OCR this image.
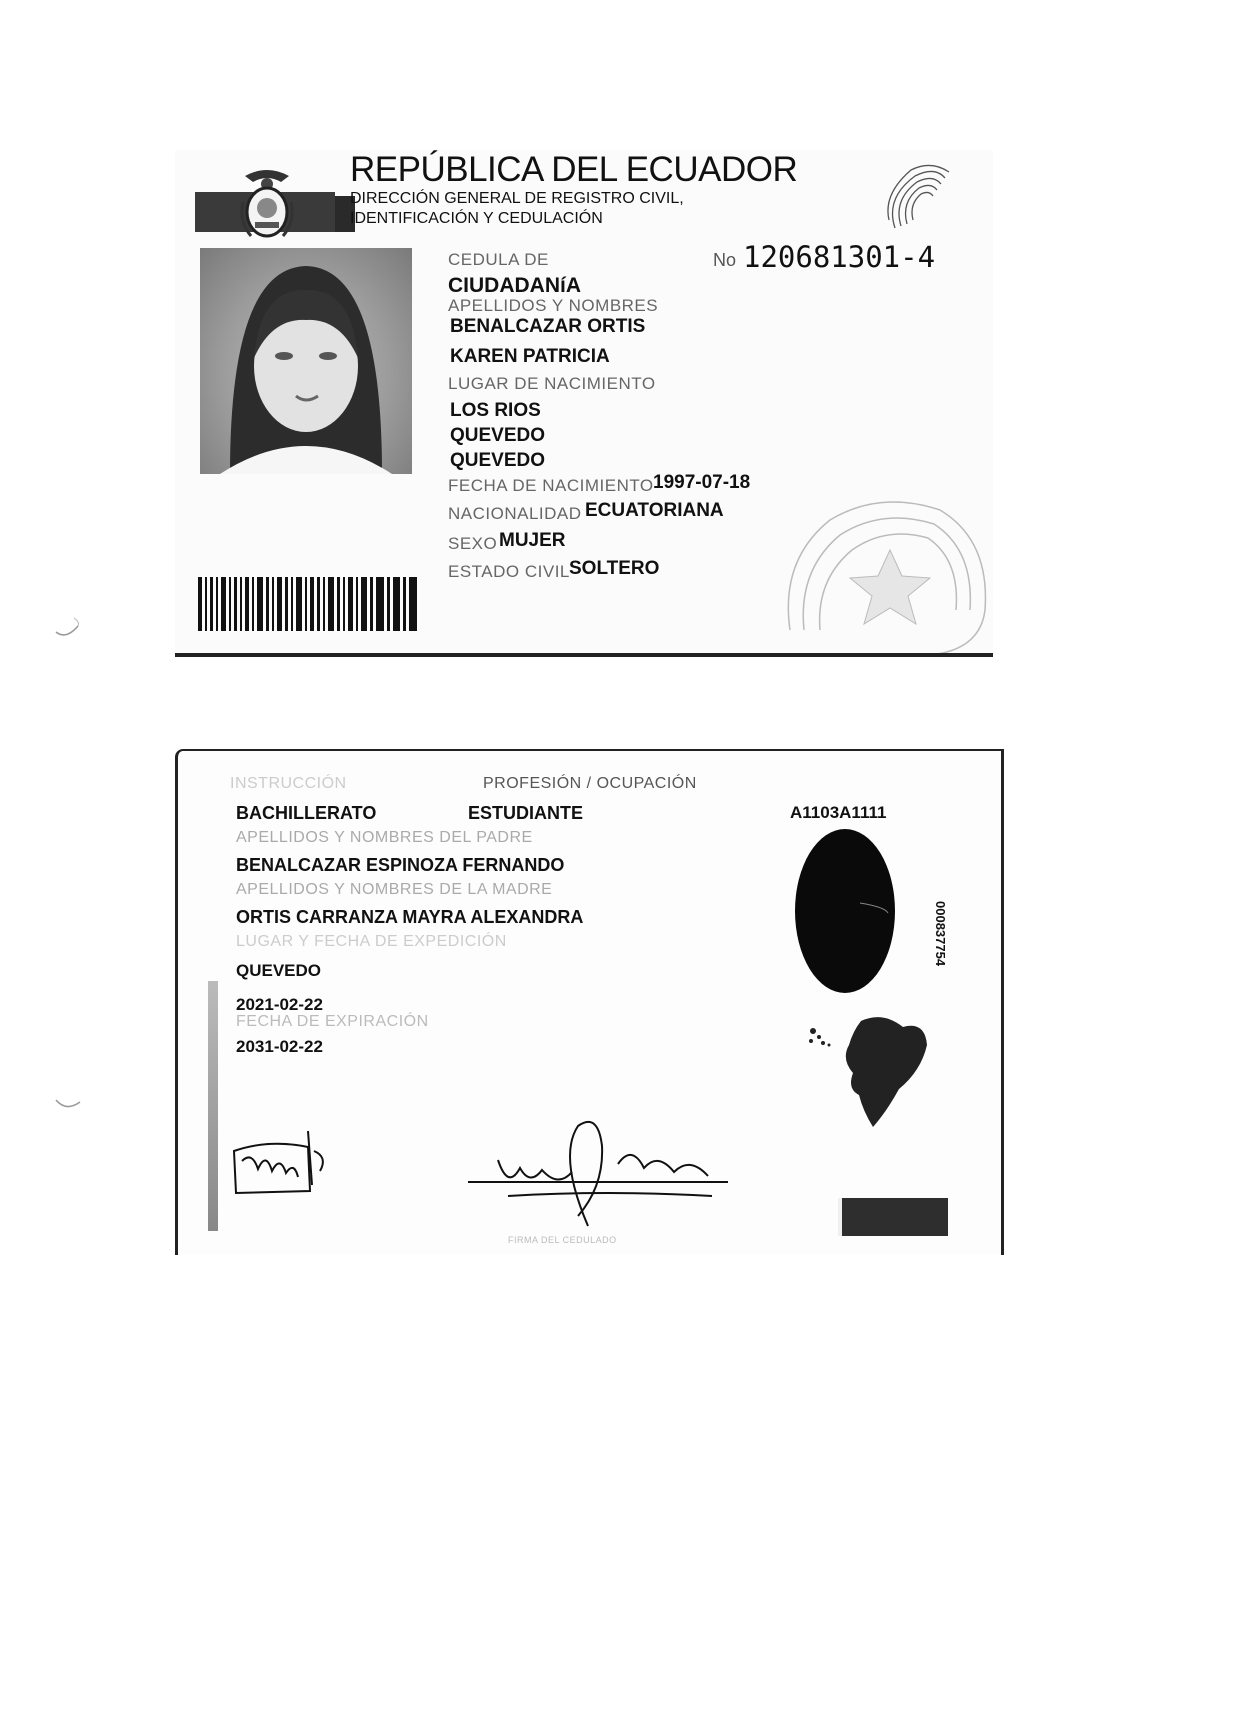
REPÚBLICA DEL ECUADOR
DIRECCIÓN GENERAL DE REGISTRO CIVIL,
IDENTIFICACIÓN Y CEDULACIÓN
CEDULA DE
CIUDADANíA
No 120681301-4
APELLIDOS Y NOMBRES
BENALCAZAR ORTIS
KAREN PATRICIA
LUGAR DE NACIMIENTO
LOS RIOS
QUEVEDO
QUEVEDO
FECHA DE NACIMIENTO 1997-07-18
NACIONALIDAD ECUATORIANA
SEXO MUJER
ESTADO CIVIL SOLTERO
INSTRUCCIÓN	PROFESIÓN / OCUPACIÓN
BACHILLERATO	ESTUDIANTE	A1103A1111
APELLIDOS Y NOMBRES DEL PADRE
BENALCAZAR ESPINOZA FERNANDO
APELLIDOS Y NOMBRES DE LA MADRE
ORTIS CARRANZA MAYRA ALEXANDRA
LUGAR Y FECHA DE EXPEDICIÓN
QUEVEDO
2021-02-22
FECHA DE EXPIRACIÓN
2031-02-22
000837754
FIRMA DEL CEDULADO
